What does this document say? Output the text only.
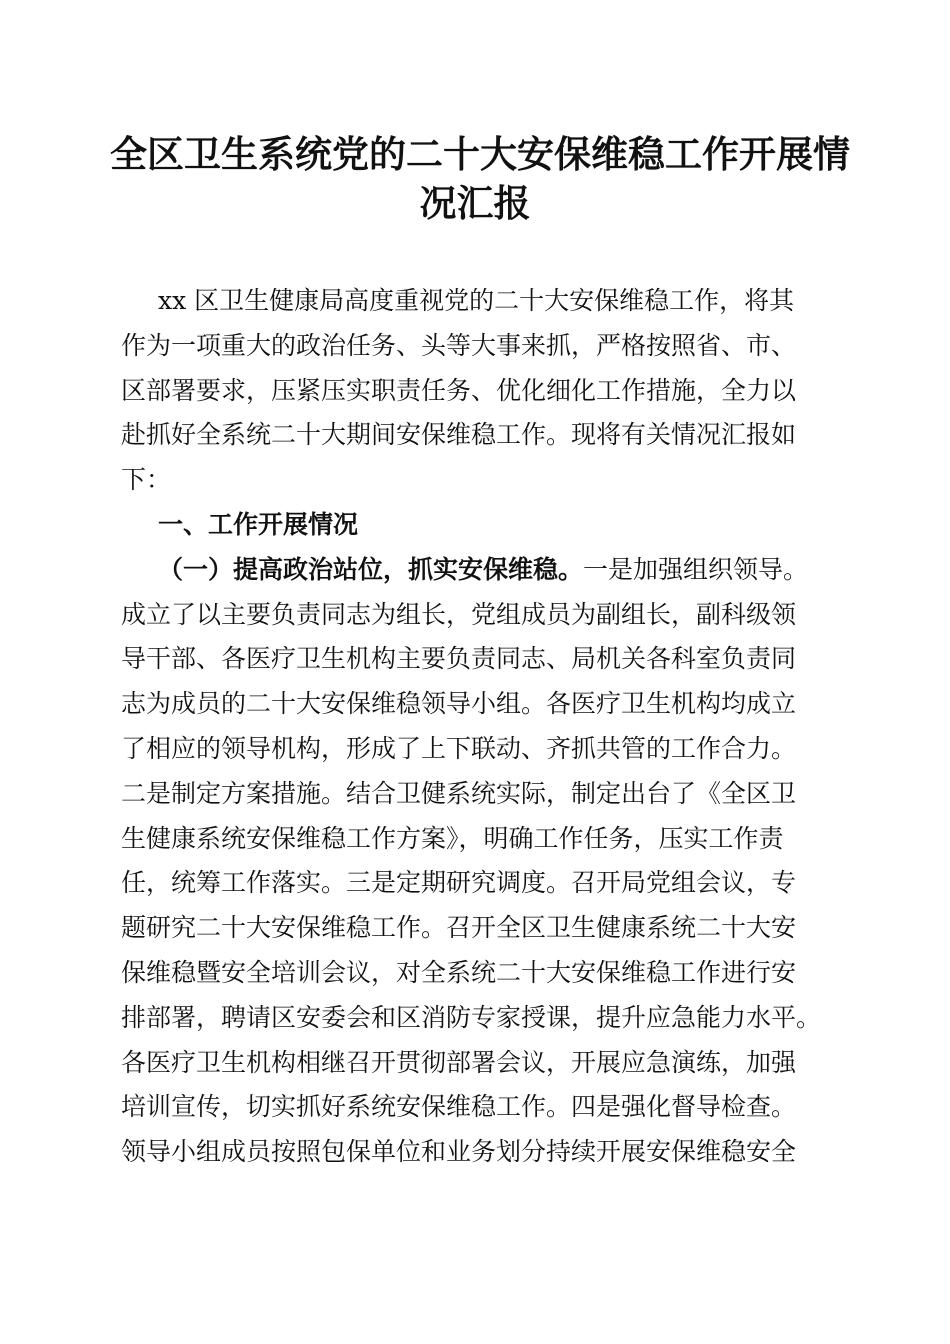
全区卫生系统党的二十大安保维稳工作开展情
况汇报
xx 区卫生健康局高度重视党的二十大安保维稳工作，将其
作为一项重大的政治任务、头等大事来抓，严格按照省、市、
区部署要求，压紧压实职责任务、优化细化工作措施，全力以
赴抓好全系统二十大期间安保维稳工作。现将有关情况汇报如
下：
一、工作开展情况
（一）提高政治站位，抓实安保维稳。一是加强组织领导。
成立了以主要负责同志为组长，党组成员为副组长，副科级领
导干部、各医疗卫生机构主要负责同志、局机关各科室负责同
志为成员的二十大安保维稳领导小组。各医疗卫生机构均成立
了相应的领导机构，形成了上下联动、齐抓共管的工作合力。
二是制定方案措施。结合卫健系统实际，制定出台了《全区卫
生健康系统安保维稳工作方案》，明确工作任务，压实工作责
任，统筹工作落实。三是定期研究调度。召开局党组会议，专
题研究二十大安保维稳工作。召开全区卫生健康系统二十大安
保维稳暨安全培训会议，对全系统二十大安保维稳工作进行安
排部署，聘请区安委会和区消防专家授课，提升应急能力水平。
各医疗卫生机构相继召开贯彻部署会议，开展应急演练，加强
培训宣传，切实抓好系统安保维稳工作。四是强化督导检查。
领导小组成员按照包保单位和业务划分持续开展安保维稳安全
